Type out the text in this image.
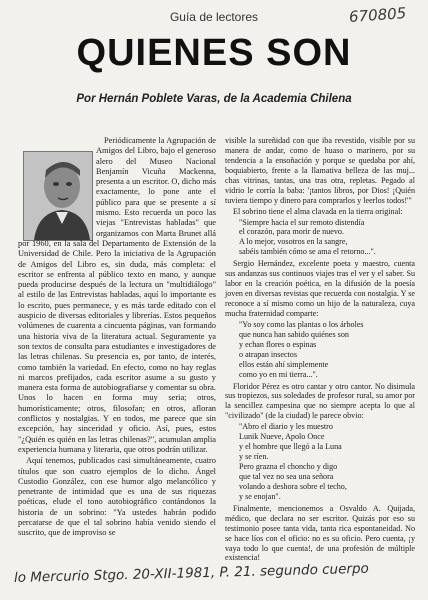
Guía de lectores	670805
QUIENES SON
Por Hernán Poblete Varas, de la Academia Chilena

Periódicamente la Agrupación de Amigos del Libro, bajo el generoso alero del Museo Nacional Benjamín Vicuña Mackenna, presenta a un escritor. O, dicho más exactamente, lo pone ante el público para que se presente a sí mismo. Esto recuerda un poco las viejas "Entrevistas habladas" que organizamos con Marta Brunet allá por 1960, en la sala del Departamento de Extensión de la Universidad de Chile. Pero la iniciativa de la Agrupación de Amigos del Libro es, sin duda, más completa: el escritor se enfrenta al público texto en mano, y aunque pueda producirse después de la lectura un "multidiálogo" al estilo de las Entrevistas habladas, aquí lo importante es lo escrito, pues permanece, y es más tarde editado con el auspicio de diversas editoriales y librerías. Estos pequeños volúmenes de cuarenta a cincuenta páginas, van formando una historia viva de la literatura actual. Seguramente ya son textos de consulta para estudiantes e investigadores de las letras chilenas. Su presencia es, por tanto, de interés, como también la variedad. En efecto, como no hay reglas ni marcos prefijados, cada escritor asume a su gusto y manera esta forma de autobiografiarse y comentar su obra. Unos lo hacen en forma muy seria; otros, humorísticamente; otros, filosofan; en otros, afloran conflictos y nostalgias. Y en todos, me parece que sin excepción, hay sinceridad y oficio. Así, pues, estos "¿Quién es quién en las letras chilenas?", acumulan amplia experiencia humana y literaria, que otros podrán utilizar.

Aquí tenemos, publicados casi simultáneamente, cuatro títulos que son cuatro ejemplos de lo dicho. Ángel Custodio González, con ese humor algo melancólico y penetrante de intimidad que es una de sus riquezas poéticas, elude el tono autobiográfico contándonos la historia de un sobrino: "Ya ustedes habrán podido percatarse de que el tal sobrino había venido siendo el suscrito, que de improviso se

visible la sureñidad con que iba revestido, visible por su manera de andar, como de huaso o marinero, por su tendencia a la ensoñación y porque se quedaba por ahí, boquiabierto, frente a la llamativa belleza de las muj... chas vitrinas, tantas, una tras otra, repletas. Pegado al vidrio le corría la baba: '¡tantos libros, por Dios! ¡Quién tuviera tiempo y dinero para comprarlos y leerlos todos!'"

El sobrino tiene el alma clavada en la tierra original:

"Siempre hacia el sur remoto distendía
el corazón, para morir de nuevo.
A lo mejor, vosotros en la sangre,
sabéis también cómo se ama el retorno...".

Sergio Hernández, excelente poeta y maestro, cuenta sus andanzas sus continuos viajes tras el ver y el saber. Su labor en la creación poética, en la difusión de la poesía joven en diversas revistas que recuerda con nostalgia. Y se reconoce a sí mismo como un hijo de la naturaleza, cuya mucha fraternidad comparte:

"Yo soy como las plantas o los árboles
que nunca han sabido quiénes son
y echan flores o espinas
o atrapan insectos
ellos están ahí simplemente
como yo en mi tierra...".

Floridor Pérez es otro cantar y otro cantor. No disimula sus tropiezos, sus soledades de profesor rural, su amor por la sencillez campesina que no siempre acepta lo que al "civilizado" (de la ciudad) le parece obvio:

"Abro el diario y les muestro
Lunik Nueve, Apolo Once
y el hombre que llegó a la Luna
y se ríen.
Pero grazna el choncho y digo
que tal vez no sea una señora
volando a deshora sobre el techo,
y se enojan".

Finalmente, mencionemos a Osvaldo A. Quijada, médico, que declara no ser escritor. Quizás por eso su testimonio posee tanta vida, tanta rica espontaneidad. No se hace líos con el oficio: no es su oficio. Pero cuenta, ¡y vaya todo lo que cuenta!, de una profesión de múltiple existencia!

lo Mercurio Stgo. 20-XII-1981, P. 21. segundo cuerpo
